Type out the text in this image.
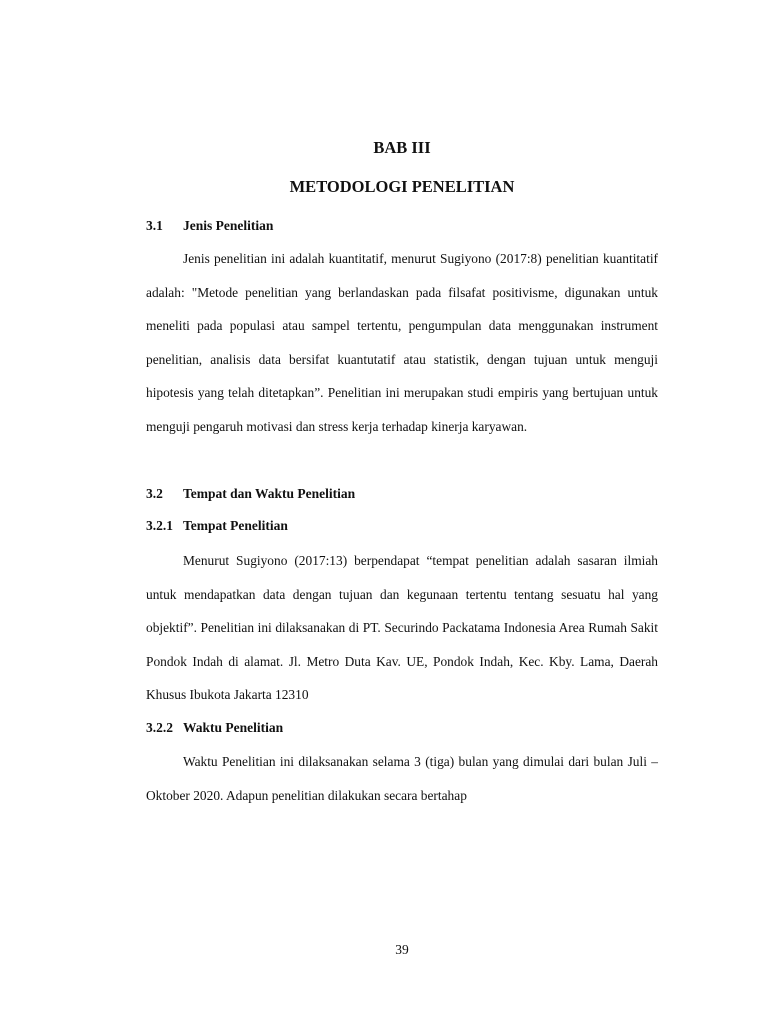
BAB III
METODOLOGI PENELITIAN
3.1 Jenis Penelitian

Jenis penelitian ini adalah kuantitatif, menurut Sugiyono (2017:8) penelitian kuantitatif adalah: "Metode penelitian yang berlandaskan pada filsafat positivisme, digunakan untuk meneliti pada populasi atau sampel tertentu, pengumpulan data menggunakan instrument penelitian, analisis data bersifat kuantutatif atau statistik, dengan tujuan untuk menguji hipotesis yang telah ditetapkan”. Penelitian ini merupakan studi empiris yang bertujuan untuk menguji pengaruh motivasi dan stress kerja terhadap kinerja karyawan.

3.2 Tempat dan Waktu Penelitian
3.2.1 Tempat Penelitian

Menurut Sugiyono (2017:13) berpendapat “tempat penelitian adalah sasaran ilmiah untuk mendapatkan data dengan tujuan dan kegunaan tertentu tentang sesuatu hal yang objektif”. Penelitian ini dilaksanakan di PT. Securindo Packatama Indonesia Area Rumah Sakit Pondok Indah di alamat. Jl. Metro Duta Kav. UE, Pondok Indah, Kec. Kby. Lama, Daerah Khusus Ibukota Jakarta 12310

3.2.2 Waktu Penelitian

Waktu Penelitian ini dilaksanakan selama 3 (tiga) bulan yang dimulai dari bulan Juli – Oktober 2020. Adapun penelitian dilakukan secara bertahap

39
